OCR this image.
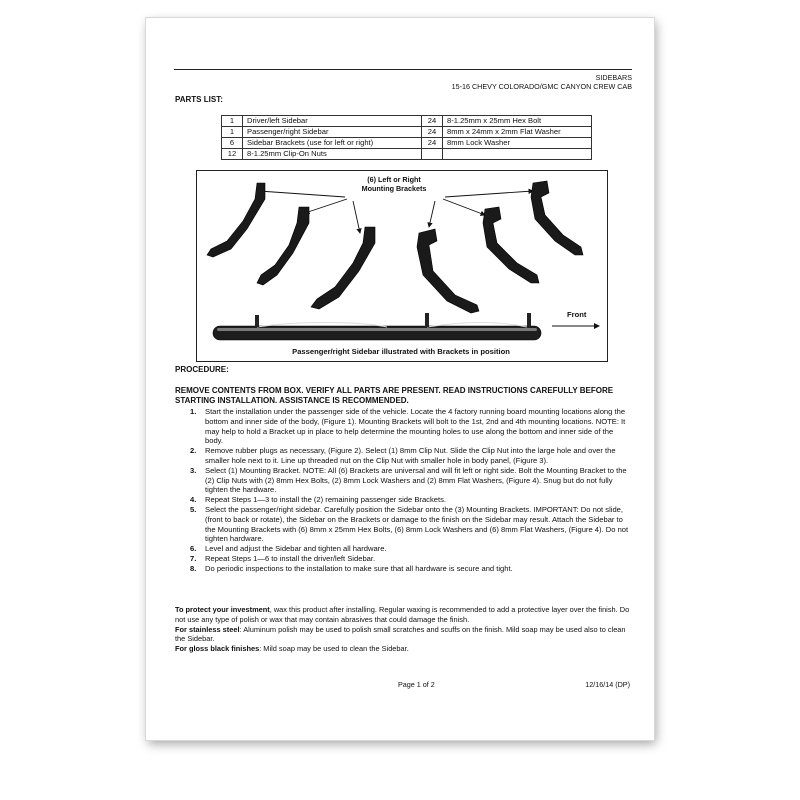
SIDEBARS
15-16 CHEVY COLORADO/GMC CANYON CREW CAB
PARTS LIST:
1	Driver/left Sidebar	24	8-1.25mm x 25mm Hex Bolt
1	Passenger/right Sidebar	24	8mm x 24mm x 2mm Flat Washer
6	Sidebar Brackets (use for left or right)	24	8mm Lock Washer
12	8-1.25mm Clip-On Nuts		
(6) Left or Right
Mounting Brackets
Front
Passenger/right Sidebar illustrated with Brackets in position
PROCEDURE:
REMOVE CONTENTS FROM BOX. VERIFY ALL PARTS ARE PRESENT. READ INSTRUCTIONS CAREFULLY BEFORE STARTING INSTALLATION. ASSISTANCE IS RECOMMENDED.
1. Start the installation under the passenger side of the vehicle. Locate the 4 factory running board mounting locations along the bottom and inner side of the body, (Figure 1). Mounting Brackets will bolt to the 1st, 2nd and 4th mounting locations. NOTE: It may help to hold a Bracket up in place to help determine the mounting holes to use along the bottom and inner side of the body.
2. Remove rubber plugs as necessary, (Figure 2). Select (1) 8mm Clip Nut. Slide the Clip Nut into the large hole and over the smaller hole next to it. Line up threaded nut on the Clip Nut with smaller hole in body panel, (Figure 3).
3. Select (1) Mounting Bracket. NOTE: All (6) Brackets are universal and will fit left or right side. Bolt the Mounting Bracket to the (2) Clip Nuts with (2) 8mm Hex Bolts, (2) 8mm Lock Washers and (2) 8mm Flat Washers, (Figure 4). Snug but do not fully tighten the hardware.
4. Repeat Steps 1—3 to install the (2) remaining passenger side Brackets.
5. Select the passenger/right sidebar. Carefully position the Sidebar onto the (3) Mounting Brackets. IMPORTANT: Do not slide, (front to back or rotate), the Sidebar on the Brackets or damage to the finish on the Sidebar may result. Attach the Sidebar to the Mounting Brackets with (6) 8mm x 25mm Hex Bolts, (6) 8mm Lock Washers and (6) 8mm Flat Washers, (Figure 4). Do not tighten hardware.
6. Level and adjust the Sidebar and tighten all hardware.
7. Repeat Steps 1—6 to install the driver/left Sidebar.
8. Do periodic inspections to the installation to make sure that all hardware is secure and tight.

To protect your investment, wax this product after installing. Regular waxing is recommended to add a protective layer over the finish. Do not use any type of polish or wax that may contain abrasives that could damage the finish.

For stainless steel: Aluminum polish may be used to polish small scratches and scuffs on the finish. Mild soap may be used also to clean the Sidebar.

For gloss black finishes: Mild soap may be used to clean the Sidebar.

Page 1 of 2	12/16/14 (DP)
